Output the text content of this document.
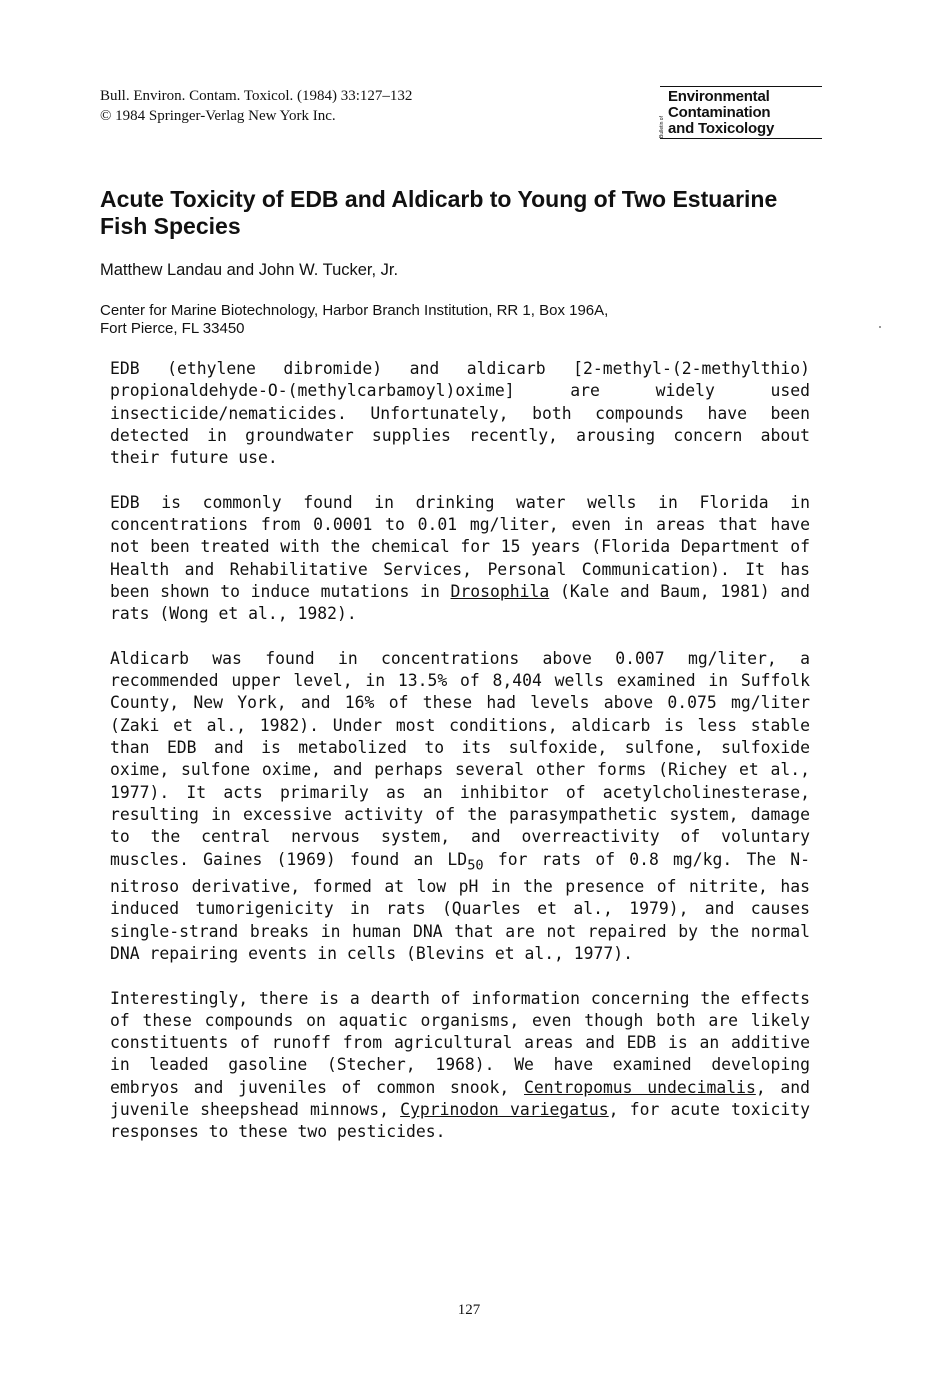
Bull. Environ. Contam. Toxicol. (1984) 33:127–132
© 1984 Springer-Verlag New York Inc.
Bulletin of
Environmental
Contamination
and Toxicology
Acute Toxicity of EDB and Aldicarb to Young of Two Estuarine Fish Species
Matthew Landau and John W. Tucker, Jr.
Center for Marine Biotechnology, Harbor Branch Institution, RR 1, Box 196A,
Fort Pierce, FL 33450

EDB (ethylene dibromide) and aldicarb [2-methyl-(2-methylthio) propionaldehyde-O-(methylcarbamoyl)oxime] are widely used insecticide/nematicides. Unfortunately, both compounds have been detected in groundwater supplies recently, arousing concern about their future use.

EDB is commonly found in drinking water wells in Florida in concentrations from 0.0001 to 0.01 mg/liter, even in areas that have not been treated with the chemical for 15 years (Florida Department of Health and Rehabilitative Services, Personal Communication). It has been shown to induce mutations in Drosophila (Kale and Baum, 1981) and rats (Wong et al., 1982).

Aldicarb was found in concentrations above 0.007 mg/liter, a recommended upper level, in 13.5% of 8,404 wells examined in Suffolk County, New York, and 16% of these had levels above 0.075 mg/liter (Zaki et al., 1982). Under most conditions, aldicarb is less stable than EDB and is metabolized to its sulfoxide, sulfone, sulfoxide oxime, sulfone oxime, and perhaps several other forms (Richey et al., 1977). It acts primarily as an inhibitor of acetylcholinesterase, resulting in excessive activity of the parasympathetic system, damage to the central nervous system, and overreactivity of voluntary muscles. Gaines (1969) found an $LD_{50}$ for rats of 0.8 mg/kg. The N-nitroso derivative, formed at low pH in the presence of nitrite, has induced tumorigenicity in rats (Quarles et al., 1979), and causes single-strand breaks in human DNA that are not repaired by the normal DNA repairing events in cells (Blevins et al., 1977).

Interestingly, there is a dearth of information concerning the effects of these compounds on aquatic organisms, even though both are likely constituents of runoff from agricultural areas and EDB is an additive in leaded gasoline (Stecher, 1968). We have examined developing embryos and juveniles of common snook, Centropomus undecimalis, and juvenile sheepshead minnows, Cyprinodon variegatus, for acute toxicity responses to these two pesticides.

127
